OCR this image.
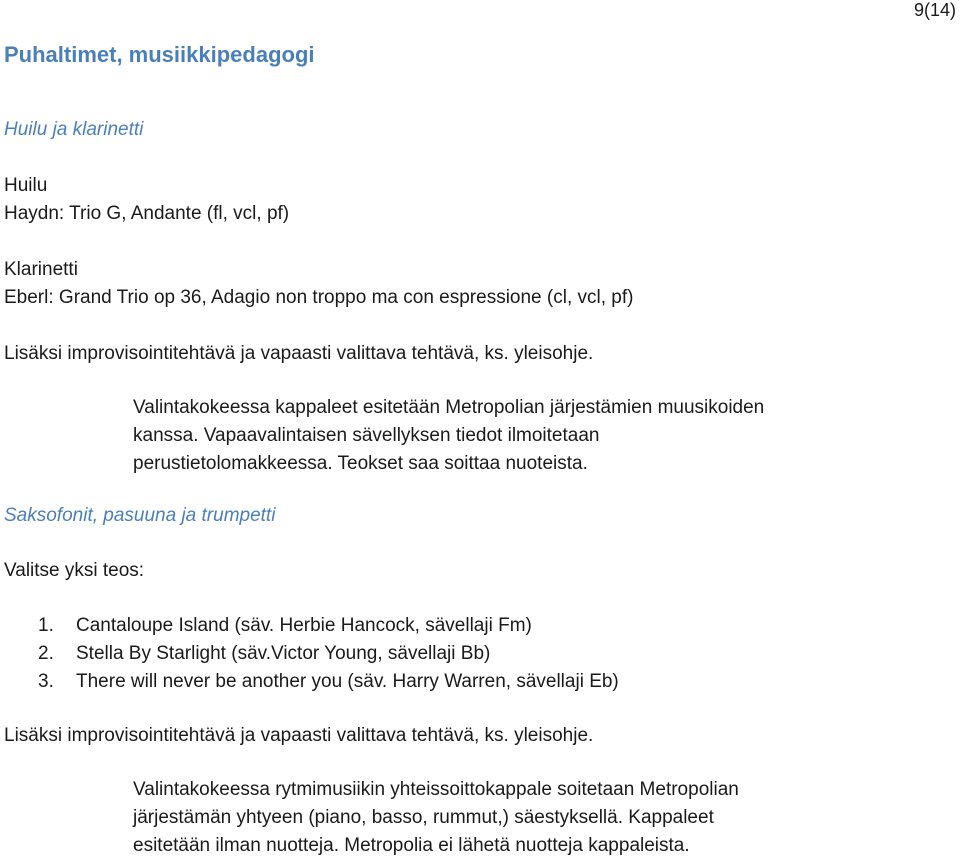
9(14)
Puhaltimet, musiikkipedagogi
Huilu ja klarinetti
Huilu
Haydn: Trio G, Andante (fl, vcl, pf)
Klarinetti
Eberl: Grand Trio op 36, Adagio non troppo ma con espressione (cl, vcl, pf)
Lisäksi improvisointitehtävä ja vapaasti valittava tehtävä, ks. yleisohje.
Valintakokeessa kappaleet esitetään Metropolian järjestämien muusikoiden
kanssa. Vapaavalintaisen sävellyksen tiedot ilmoitetaan
perustietolomakkeessa. Teokset saa soittaa nuoteista.
Saksofonit, pasuuna ja trumpetti
Valitse yksi teos:
1.	Cantaloupe Island (säv. Herbie Hancock, sävellaji Fm)
2.	Stella By Starlight (säv.Victor Young, sävellaji Bb)
3.	There will never be another you (säv. Harry Warren, sävellaji Eb)
Lisäksi improvisointitehtävä ja vapaasti valittava tehtävä, ks. yleisohje.
Valintakokeessa rytmimusiikin yhteissoittokappale soitetaan Metropolian
järjestämän yhtyeen (piano, basso, rummut,) säestyksellä. Kappaleet
esitetään ilman nuotteja. Metropolia ei lähetä nuotteja kappaleista.
